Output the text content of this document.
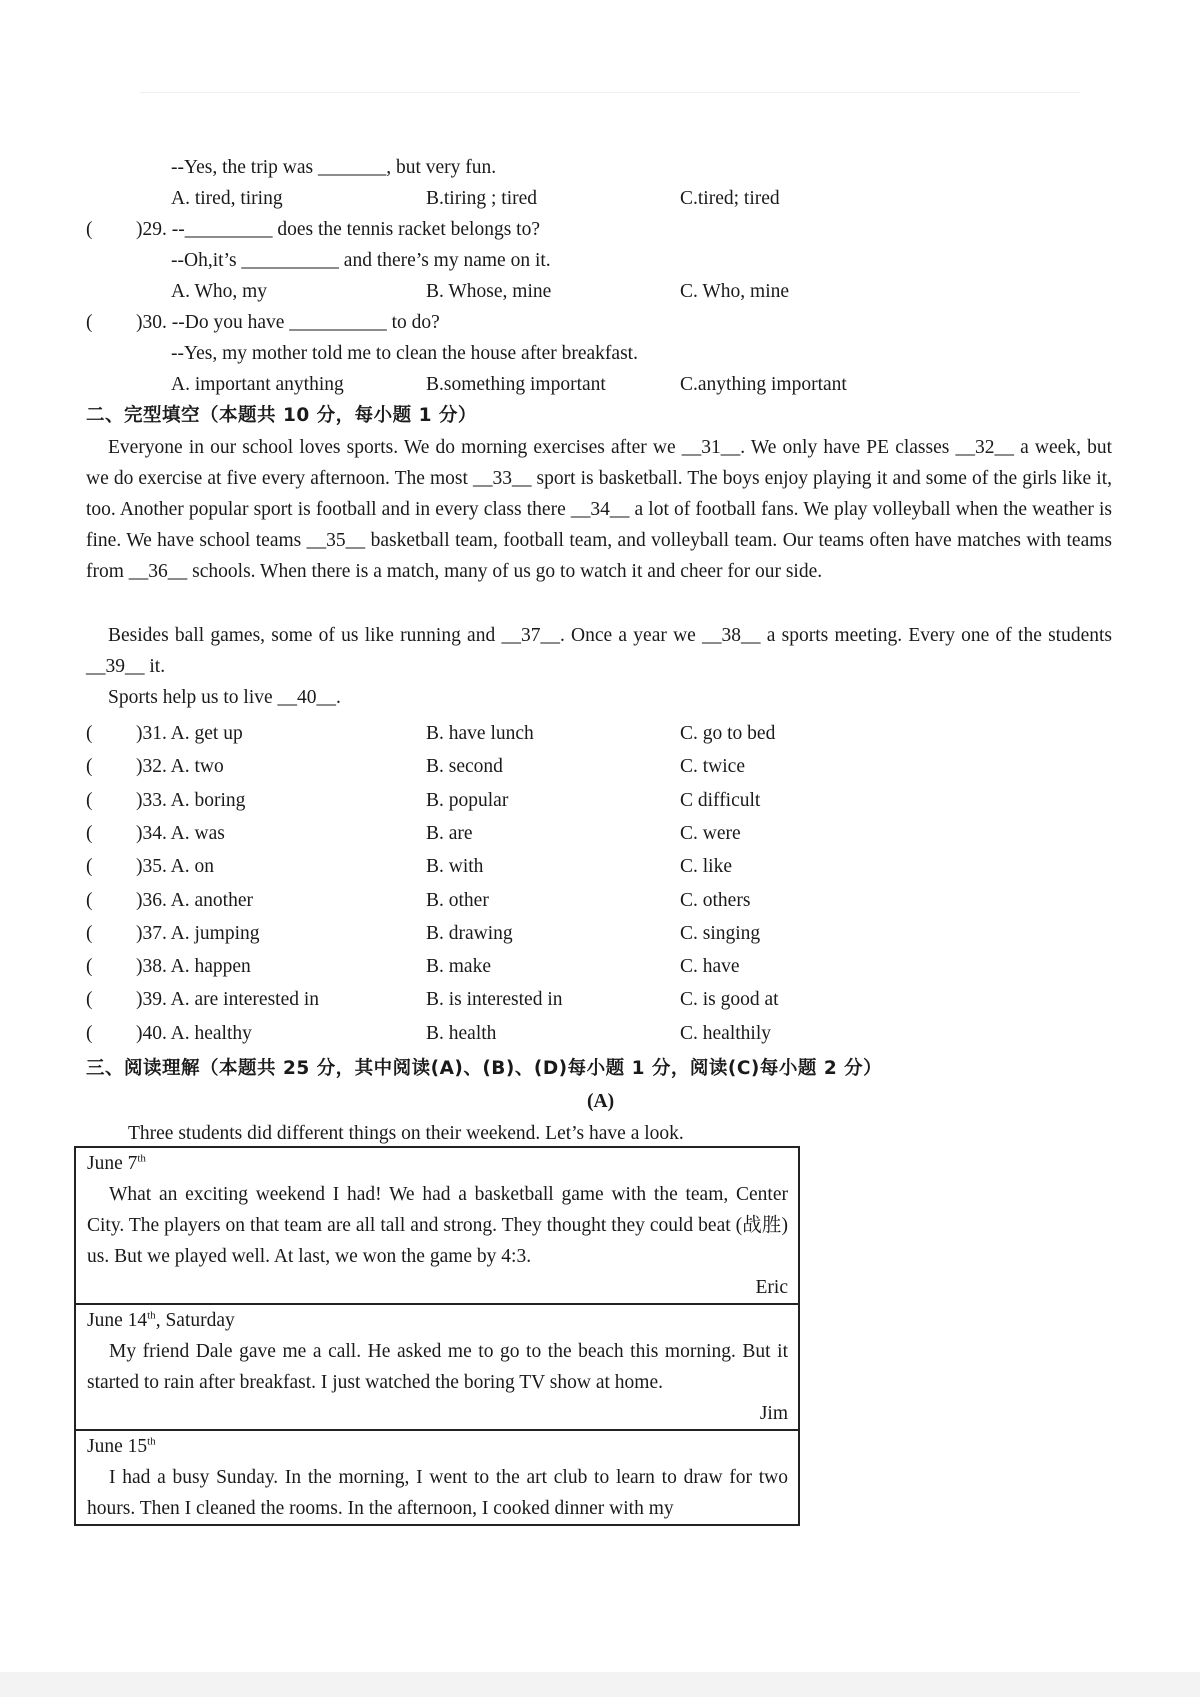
--Yes, the trip was _______, but very fun.
A. tired, tiring	B.tiring ; tired	C.tired; tired
( )29. --_________ does the tennis racket belongs to?
--Oh,it’s __________ and there’s my name on it.
A. Who, my	B. Whose, mine	C. Who, mine
( )30. --Do you have __________ to do?
--Yes, my mother told me to clean the house after breakfast.
A. important anything	B.something important	C.anything important
二、完型填空（本题共 10 分，每小题 1 分）
Everyone in our school loves sports. We do morning exercises after we __31__. We only have PE classes __32__ a week, but we do exercise at five every afternoon. The most __33__ sport is basketball. The boys enjoy playing it and some of the girls like it, too. Another popular sport is football and in every class there __34__ a lot of football fans. We play volleyball when the weather is fine. We have school teams __35__ basketball team, football team, and volleyball team. Our teams often have matches with teams from __36__ schools. When there is a match, many of us go to watch it and cheer for our side.
Besides ball games, some of us like running and __37__. Once a year we __38__ a sports meeting. Every one of the students __39__ it.
Sports help us to live __40__.
( )31. A. get up	B. have lunch	C. go to bed
( )32. A. two	B. second	C. twice
( )33. A. boring	B. popular	C difficult
( )34. A. was	B. are	C. were
( )35. A. on	B. with	C. like
( )36. A. another	B. other	C. others
( )37. A. jumping	B. drawing	C. singing
( )38. A. happen	B. make	C. have
( )39. A. are interested in	B. is interested in	C. is good at
( )40. A. healthy	B. health	C. healthily
三、阅读理解（本题共 25 分，其中阅读(A)、(B)、(D)每小题 1 分，阅读(C)每小题 2 分）
(A)
Three students did different things on their weekend. Let’s have a look.
June 7th
What an exciting weekend I had! We had a basketball game with the team, Center City. The players on that team are all tall and strong. They thought they could beat (战胜) us. But we played well. At last, we won the game by 4:3.
Eric
June 14th, Saturday
My friend Dale gave me a call. He asked me to go to the beach this morning. But it started to rain after breakfast. I just watched the boring TV show at home.
Jim
June 15th
I had a busy Sunday. In the morning, I went to the art club to learn to draw for two hours. Then I cleaned the rooms. In the afternoon, I cooked dinner with my
